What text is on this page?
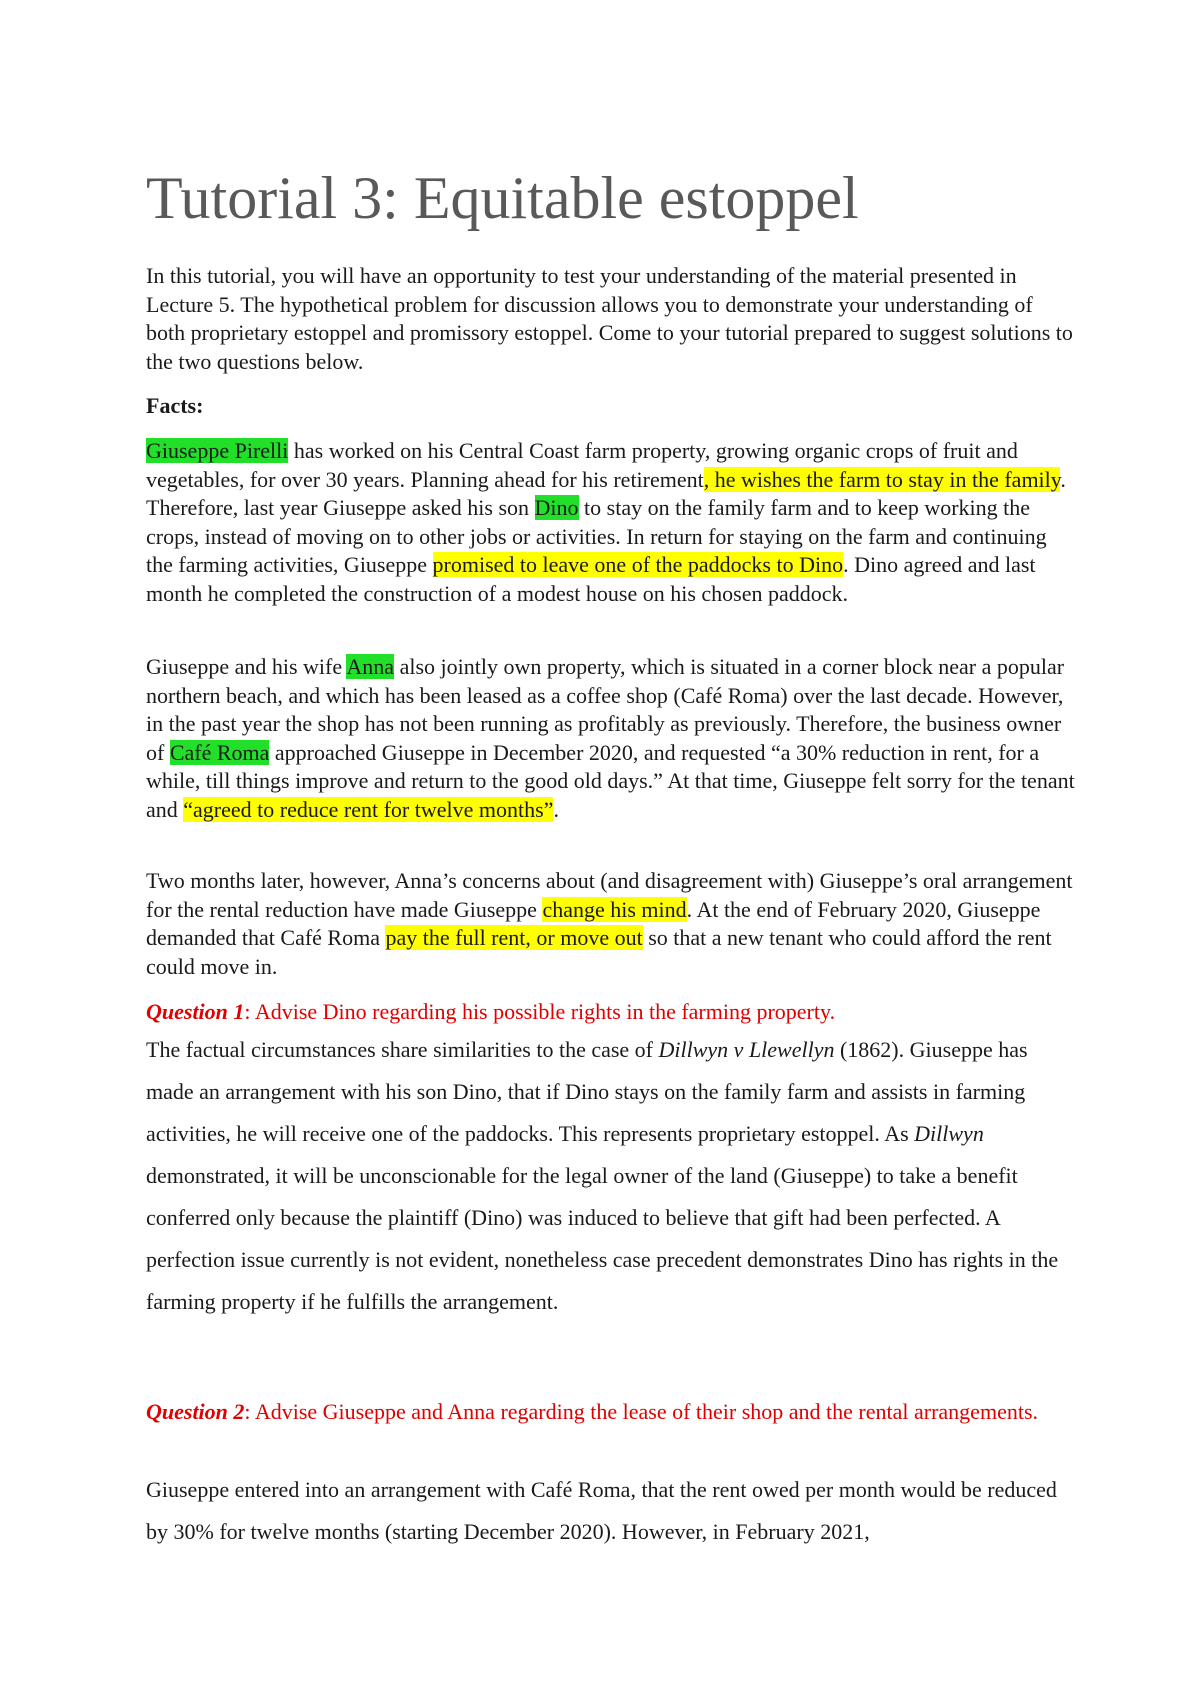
Tutorial 3: Equitable estoppel

In this tutorial, you will have an opportunity to test your understanding of the material presented in Lecture 5. The hypothetical problem for discussion allows you to demonstrate your understanding of both proprietary estoppel and promissory estoppel. Come to your tutorial prepared to suggest solutions to the two questions below.

Facts:

Giuseppe Pirelli has worked on his Central Coast farm property, growing organic crops of fruit and vegetables, for over 30 years. Planning ahead for his retirement, he wishes the farm to stay in the family. Therefore, last year Giuseppe asked his son Dino to stay on the family farm and to keep working the crops, instead of moving on to other jobs or activities. In return for staying on the farm and continuing the farming activities, Giuseppe promised to leave one of the paddocks to Dino. Dino agreed and last month he completed the construction of a modest house on his chosen paddock.

Giuseppe and his wife Anna also jointly own property, which is situated in a corner block near a popular northern beach, and which has been leased as a coffee shop (Café Roma) over the last decade. However, in the past year the shop has not been running as profitably as previously. Therefore, the business owner of Café Roma approached Giuseppe in December 2020, and requested “a 30% reduction in rent, for a while, till things improve and return to the good old days.” At that time, Giuseppe felt sorry for the tenant and “agreed to reduce rent for twelve months”.

Two months later, however, Anna’s concerns about (and disagreement with) Giuseppe’s oral arrangement for the rental reduction have made Giuseppe change his mind. At the end of February 2020, Giuseppe demanded that Café Roma pay the full rent, or move out so that a new tenant who could afford the rent could move in.

Question 1: Advise Dino regarding his possible rights in the farming property.

The factual circumstances share similarities to the case of Dillwyn v Llewellyn (1862). Giuseppe has made an arrangement with his son Dino, that if Dino stays on the family farm and assists in farming activities, he will receive one of the paddocks. This represents proprietary estoppel. As Dillwyn demonstrated, it will be unconscionable for the legal owner of the land (Giuseppe) to take a benefit conferred only because the plaintiff (Dino) was induced to believe that gift had been perfected. A perfection issue currently is not evident, nonetheless case precedent demonstrates Dino has rights in the farming property if he fulfills the arrangement.

Question 2: Advise Giuseppe and Anna regarding the lease of their shop and the rental arrangements.

Giuseppe entered into an arrangement with Café Roma, that the rent owed per month would be reduced by 30% for twelve months (starting December 2020). However, in February 2021,
